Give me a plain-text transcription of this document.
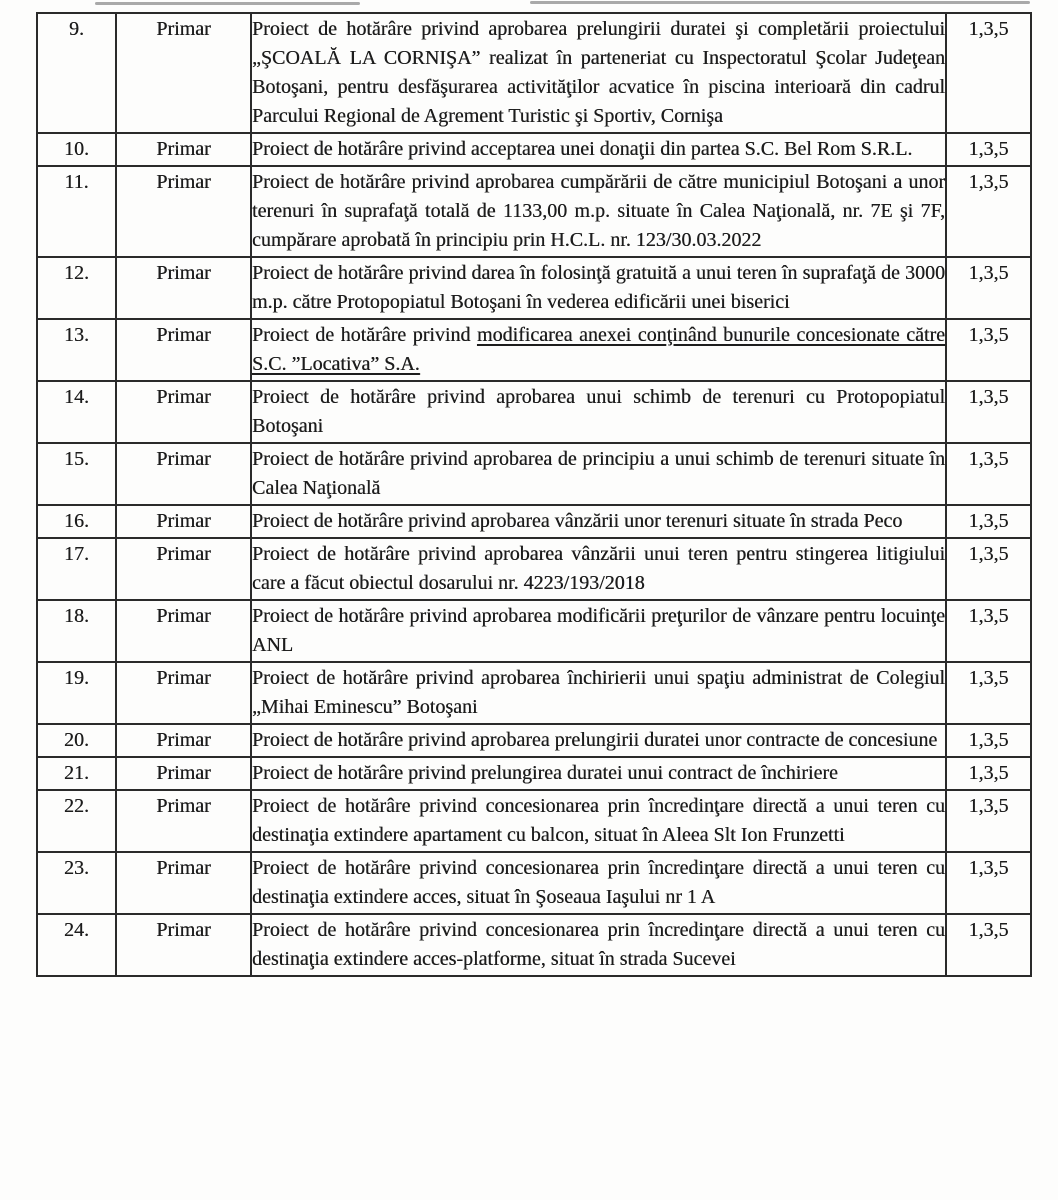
9.	Primar	Proiect de hotărâre privind aprobarea prelungirii duratei şi completării proiectului „ŞCOALĂ LA CORNIŞA” realizat în parteneriat cu Inspectoratul Şcolar Judeţean Botoşani, pentru desfăşurarea activităţilor acvatice în piscina interioară din cadrul Parcului Regional de Agrement Turistic şi Sportiv, Cornişa	1,3,5
10.	Primar	Proiect de hotărâre privind acceptarea unei donaţii din partea S.C. Bel Rom S.R.L.	1,3,5
11.	Primar	Proiect de hotărâre privind aprobarea cumpărării de către municipiul Botoşani a unor terenuri în suprafaţă totală de 1133,00 m.p. situate în Calea Naţională, nr. 7E şi 7F, cumpărare aprobată în principiu prin H.C.L. nr. 123/30.03.2022	1,3,5
12.	Primar	Proiect de hotărâre privind darea în folosinţă gratuită a unui teren în suprafaţă de 3000 m.p. către Protopopiatul Botoşani în vederea edificării unei biserici	1,3,5
13.	Primar	Proiect de hotărâre privind modificarea anexei conţinând bunurile concesionate către S.C. ”Locativa” S.A.	1,3,5
14.	Primar	Proiect de hotărâre privind aprobarea unui schimb de terenuri cu Protopopiatul Botoşani	1,3,5
15.	Primar	Proiect de hotărâre privind aprobarea de principiu a unui schimb de terenuri situate în Calea Naţională	1,3,5
16.	Primar	Proiect de hotărâre privind aprobarea vânzării unor terenuri situate în strada Peco	1,3,5
17.	Primar	Proiect de hotărâre privind aprobarea vânzării unui teren pentru stingerea litigiului care a făcut obiectul dosarului nr. 4223/193/2018	1,3,5
18.	Primar	Proiect de hotărâre privind aprobarea modificării preţurilor de vânzare pentru locuinţe ANL	1,3,5
19.	Primar	Proiect de hotărâre privind aprobarea închirierii unui spaţiu administrat de Colegiul „Mihai Eminescu” Botoşani	1,3,5
20.	Primar	Proiect de hotărâre privind aprobarea prelungirii duratei unor contracte de concesiune	1,3,5
21.	Primar	Proiect de hotărâre privind prelungirea duratei unui contract de închiriere	1,3,5
22.	Primar	Proiect de hotărâre privind concesionarea prin încredinţare directă a unui teren cu destinaţia extindere apartament cu balcon, situat în Aleea Slt Ion Frunzetti	1,3,5
23.	Primar	Proiect de hotărâre privind concesionarea prin încredinţare directă a unui teren cu destinaţia extindere acces, situat în Şoseaua Iaşului nr 1 A	1,3,5
24.	Primar	Proiect de hotărâre privind concesionarea prin încredinţare directă a unui teren cu destinaţia extindere acces-platforme, situat în strada Sucevei	1,3,5
